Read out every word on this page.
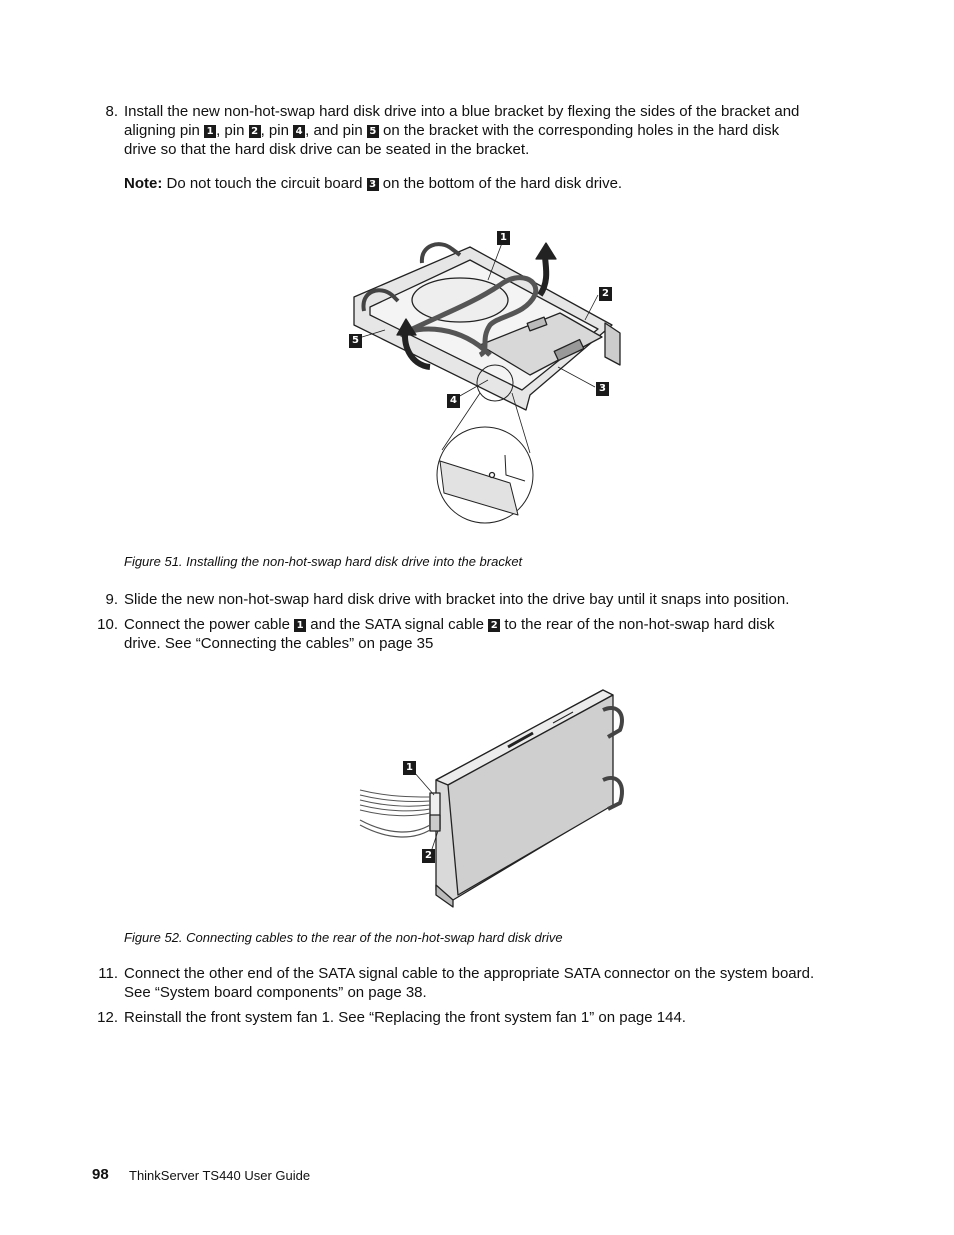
8. Install the new non-hot-swap hard disk drive into a blue bracket by flexing the sides of the bracket and
aligning pin 1 , pin 2 , pin 4 , and pin 5 on the bracket with the corresponding holes in the hard disk
drive so that the hard disk drive can be seated in the bracket.
Note: Do not touch the circuit board 3 on the bottom of the hard disk drive.
1
2
5
3
4
Figure 51. Installing the non-hot-swap hard disk drive into the bracket
9. Slide the new non-hot-swap hard disk drive with bracket into the drive bay until it snaps into position.
10. Connect the power cable 1 and the SATA signal cable 2 to the rear of the non-hot-swap hard disk
drive. See “Connecting the cables” on page 35
1
2
Figure 52. Connecting cables to the rear of the non-hot-swap hard disk drive
11. Connect the other end of the SATA signal cable to the appropriate SATA connector on the system board.
See “System board components” on page 38.
12. Reinstall the front system fan 1. See “Replacing the front system fan 1” on page 144.
98 ThinkServer TS440 User Guide
